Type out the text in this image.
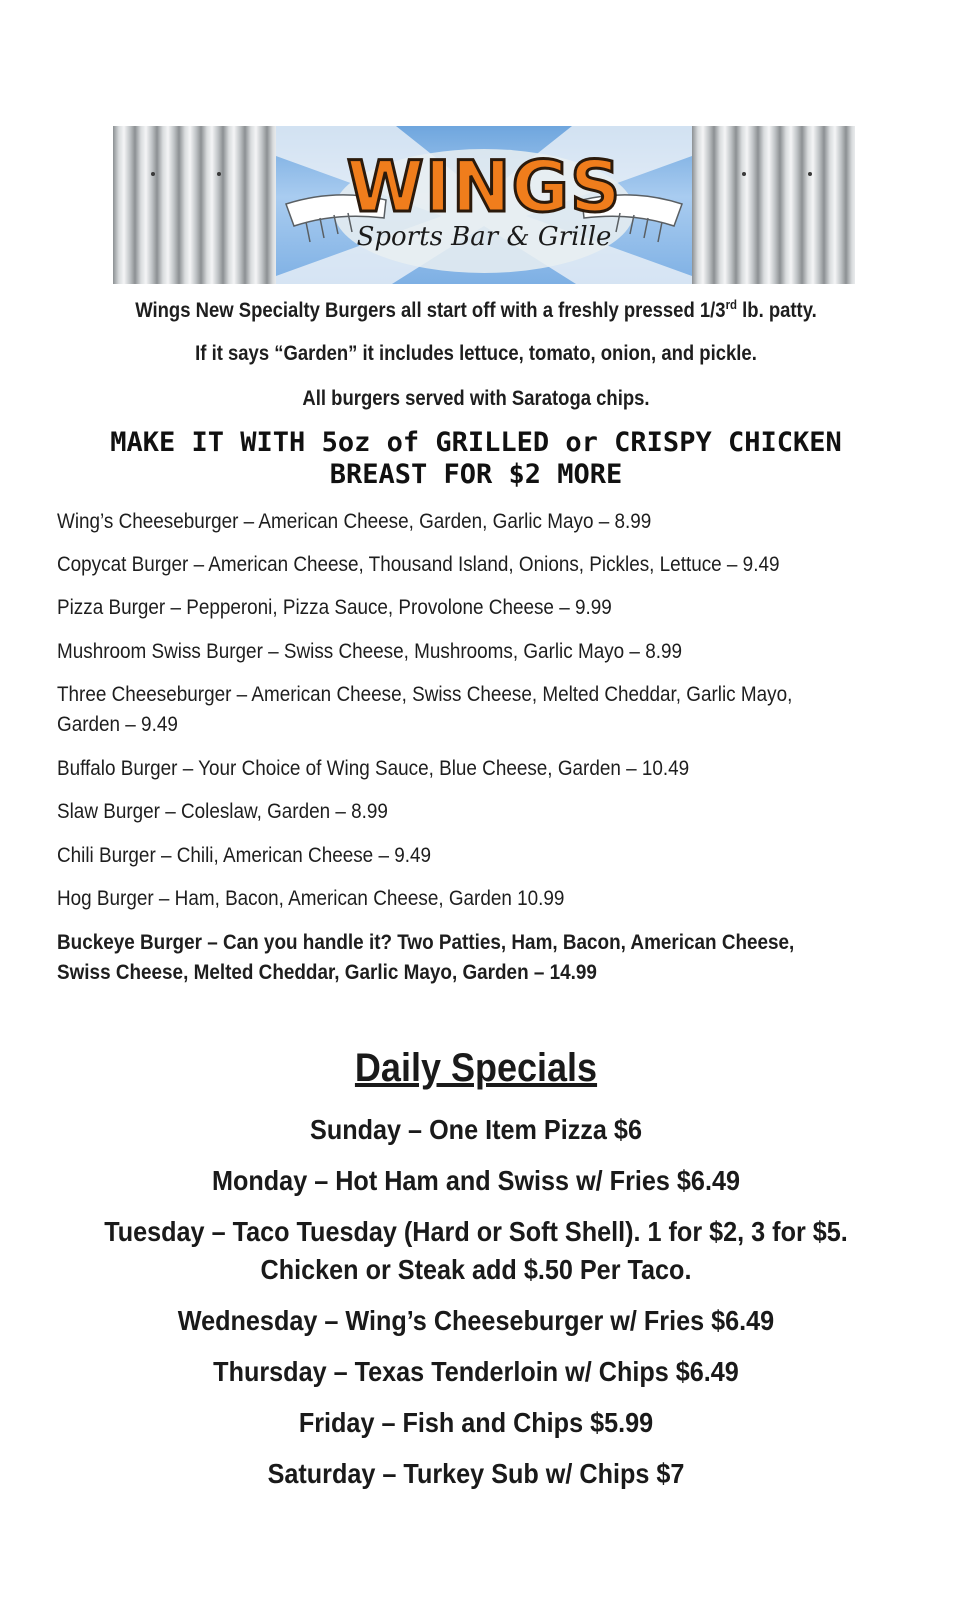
WINGS
Sports Bar & Grille
Wings New Specialty Burgers all start off with a freshly pressed 1/3rd lb. patty.
If it says “Garden” it includes lettuce, tomato, onion, and pickle.
All burgers served with Saratoga chips.
MAKE IT WITH 5oz of GRILLED or CRISPY CHICKEN
BREAST FOR $2 MORE
Wing’s Cheeseburger – American Cheese, Garden, Garlic Mayo – 8.99
Copycat Burger – American Cheese, Thousand Island, Onions, Pickles, Lettuce – 9.49
Pizza Burger – Pepperoni, Pizza Sauce, Provolone Cheese – 9.99
Mushroom Swiss Burger – Swiss Cheese, Mushrooms, Garlic Mayo – 8.99
Three Cheeseburger – American Cheese, Swiss Cheese, Melted Cheddar, Garlic Mayo, Garden – 9.49
Buffalo Burger – Your Choice of Wing Sauce, Blue Cheese, Garden – 10.49
Slaw Burger – Coleslaw, Garden – 8.99
Chili Burger – Chili, American Cheese – 9.49
Hog Burger – Ham, Bacon, American Cheese, Garden 10.99
Buckeye Burger – Can you handle it? Two Patties, Ham, Bacon, American Cheese, Swiss Cheese, Melted Cheddar, Garlic Mayo, Garden – 14.99
Daily Specials
Sunday – One Item Pizza $6
Monday – Hot Ham and Swiss w/ Fries $6.49
Tuesday – Taco Tuesday (Hard or Soft Shell). 1 for $2, 3 for $5.
Chicken or Steak add $.50 Per Taco.
Wednesday – Wing’s Cheeseburger w/ Fries $6.49
Thursday – Texas Tenderloin w/ Chips $6.49
Friday – Fish and Chips $5.99
Saturday – Turkey Sub w/ Chips $7
